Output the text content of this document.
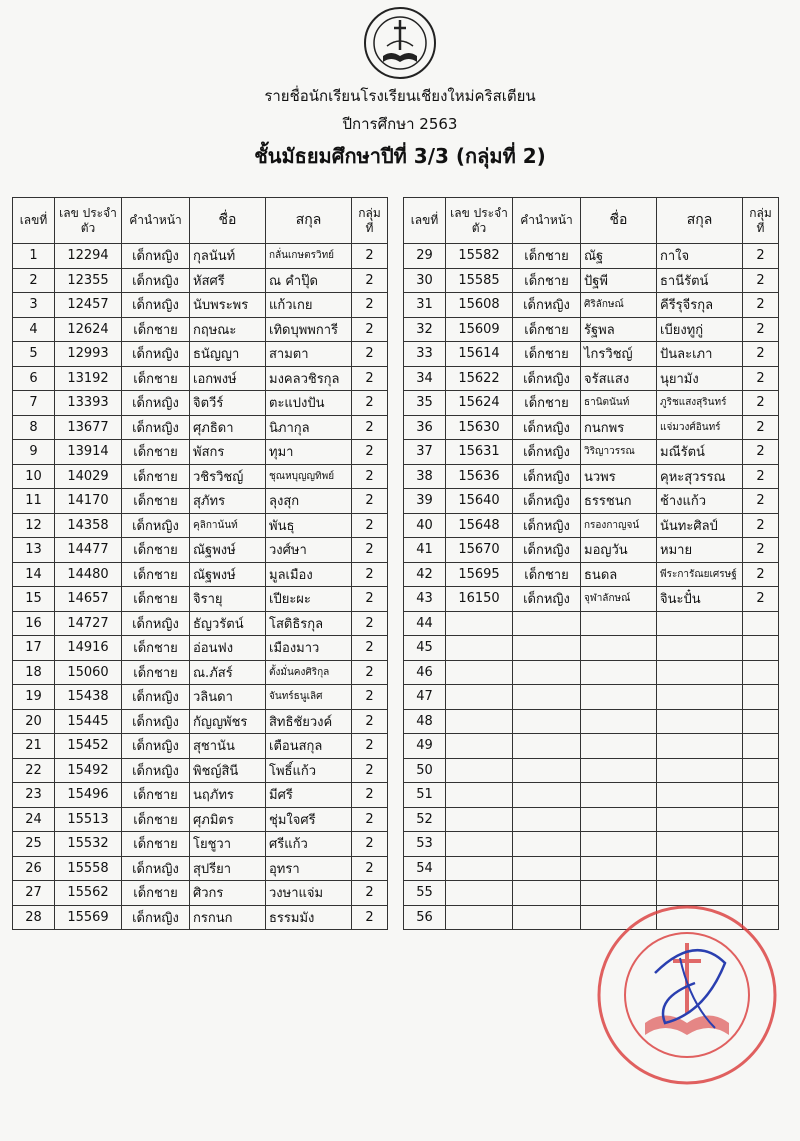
รายชื่อนักเรียนโรงเรียนเชียงใหม่คริสเตียน
ปีการศึกษา 2563
ชั้นมัธยมศึกษาปีที่ 3/3 (กลุ่มที่ 2)
เลขที่	เลข ประจำตัว	คำนำหน้า	ชื่อ	สกุล	กลุ่ม ที่
1	12294	เด็กหญิง	กุลนันท์	กลั่นเกษตรวิทย์	2
2	12355	เด็กหญิง	หัสศรี	ณ คำปุ๊ด	2
3	12457	เด็กหญิง	นับพระพร	แก้วเกย	2
4	12624	เด็กชาย	กฤษณะ	เทิดบุพพการี	2
5	12993	เด็กหญิง	ธนัญญา	สามตา	2
6	13192	เด็กชาย	เอกพงษ์	มงคลวชิรกุล	2
7	13393	เด็กหญิง	จิตวีร์	ตะแปงปัน	2
8	13677	เด็กหญิง	ศุภธิดา	นิภากุล	2
9	13914	เด็กชาย	พัสกร	ทุมา	2
10	14029	เด็กชาย	วชิรวิชญ์	ชุณหบุญญทิพย์	2
11	14170	เด็กชาย	สุภัทร	ลุงสุก	2
12	14358	เด็กหญิง	คุลิกาน้นท์	พันธุ	2
13	14477	เด็กชาย	ณัฐพงษ์	วงศ์ษา	2
14	14480	เด็กชาย	ณัฐพงษ์	มูลเมือง	2
15	14657	เด็กชาย	จิรายุ	เปียะผะ	2
16	14727	เด็กหญิง	ธัญวรัตน์	โสติธิรกุล	2
17	14916	เด็กชาย	อ่อนฟง	เมืองมาว	2
18	15060	เด็กชาย	ณ.ภัสร์	ตั้งมั่นคงศิริกุล	2
19	15438	เด็กหญิง	วลินดา	จันทร์ธนูเลิศ	2
20	15445	เด็กหญิง	กัญญพัชร	สิทธิชัยวงค์	2
21	15452	เด็กหญิง	สุชานัน	เตือนสกุล	2
22	15492	เด็กหญิง	พิชญ์สินี	โพธิ์แก้ว	2
23	15496	เด็กชาย	นฤภัทร	มีศรี	2
24	15513	เด็กชาย	ศุภมิตร	ชุ่มใจศรี	2
25	15532	เด็กชาย	โยชูวา	ศรีแก้ว	2
26	15558	เด็กหญิง	สุปรียา	อุทรา	2
27	15562	เด็กชาย	ศิวกร	วงษาแจ่ม	2
28	15569	เด็กหญิง	กรกนก	ธรรมมัง	2
เลขที่	เลข ประจำตัว	คำนำหน้า	ชื่อ	สกุล	กลุ่ม ที่
29	15582	เด็กชาย	ณัฐ	กาใจ	2
30	15585	เด็กชาย	ปัฐพี	ธานีรัตน์	2
31	15608	เด็กหญิง	ศิริลักษณ์	คีรีรุจีรกุล	2
32	15609	เด็กชาย	รัฐพล	เบียงทูกู่	2
33	15614	เด็กชาย	ไกรวิชญ์	ปันละเภา	2
34	15622	เด็กหญิง	จรัสแสง	นุยามัง	2
35	15624	เด็กชาย	ธานิตนันท์	ภูริชแสงสุรินทร์	2
36	15630	เด็กหญิง	กนกพร	แจ่มวงศ์อินทร์	2
37	15631	เด็กหญิง	วิริญาวรรณ	มณีรัตน์	2
38	15636	เด็กหญิง	นวพร	คุหะสุวรรณ	2
39	15640	เด็กหญิง	ธรรชนก	ช้างแก้ว	2
40	15648	เด็กหญิง	กรองกาญจน์	นันทะศิลป์	2
41	15670	เด็กหญิง	มอญวัน	หมาย	2
42	15695	เด็กชาย	ธนดล	พีระการัณยเศรษฐ์	2
43	16150	เด็กหญิง	จุฬาลักษณ์	จินะปั๋น	2
44					
45					
46					
47					
48					
49					
50					
51					
52					
53					
54					
55					
56					
